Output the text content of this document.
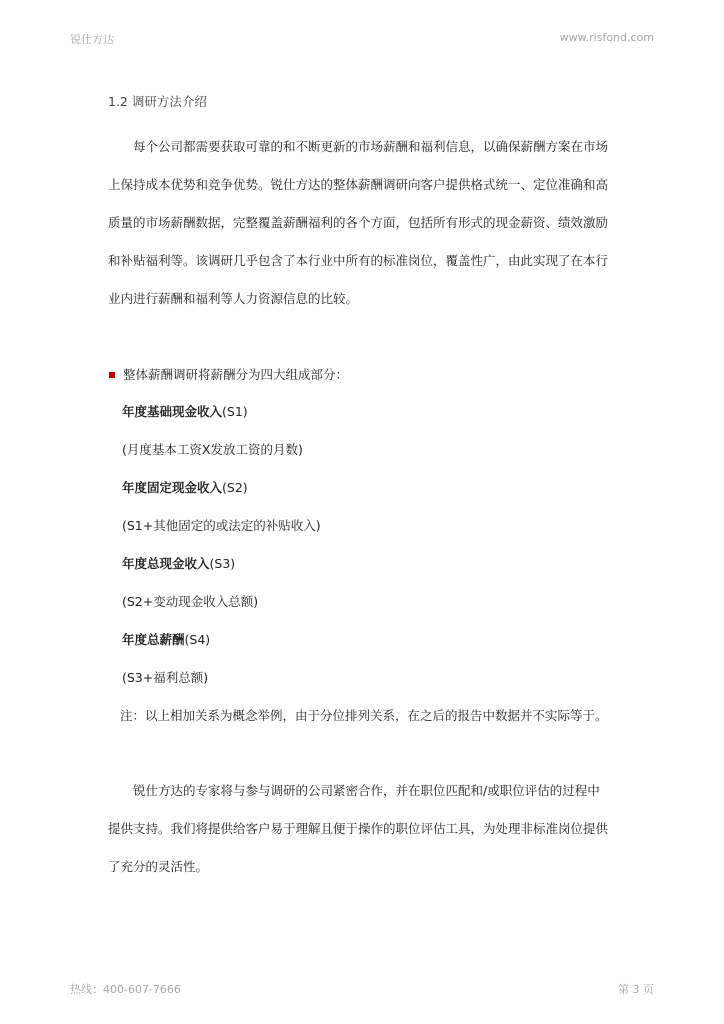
锐仕方达	www.risfond.com
1.2 调研方法介绍
每个公司都需要获取可靠的和不断更新的市场薪酬和福利信息，以确保薪酬方案在市场
上保持成本优势和竞争优势。锐仕方达的整体薪酬调研向客户提供格式统一、定位准确和高
质量的市场薪酬数据，完整覆盖薪酬福利的各个方面，包括所有形式的现金薪资、绩效激励
和补贴福利等。该调研几乎包含了本行业中所有的标准岗位，覆盖性广，由此实现了在本行
业内进行薪酬和福利等人力资源信息的比较。
整体薪酬调研将薪酬分为四大组成部分：
年度基础现金收入(S1)
(月度基本工资X发放工资的月数)
年度固定现金收入(S2)
(S1+其他固定的或法定的补贴收入)
年度总现金收入(S3)
(S2+变动现金收入总额)
年度总薪酬(S4)
(S3+福利总额)
注：以上相加关系为概念举例，由于分位排列关系，在之后的报告中数据并不实际等于。
锐仕方达的专家将与参与调研的公司紧密合作，并在职位匹配和/或职位评估的过程中
提供支持。我们将提供给客户易于理解且便于操作的职位评估工具，为处理非标准岗位提供
了充分的灵活性。
热线：400-607-7666	第 3 页
